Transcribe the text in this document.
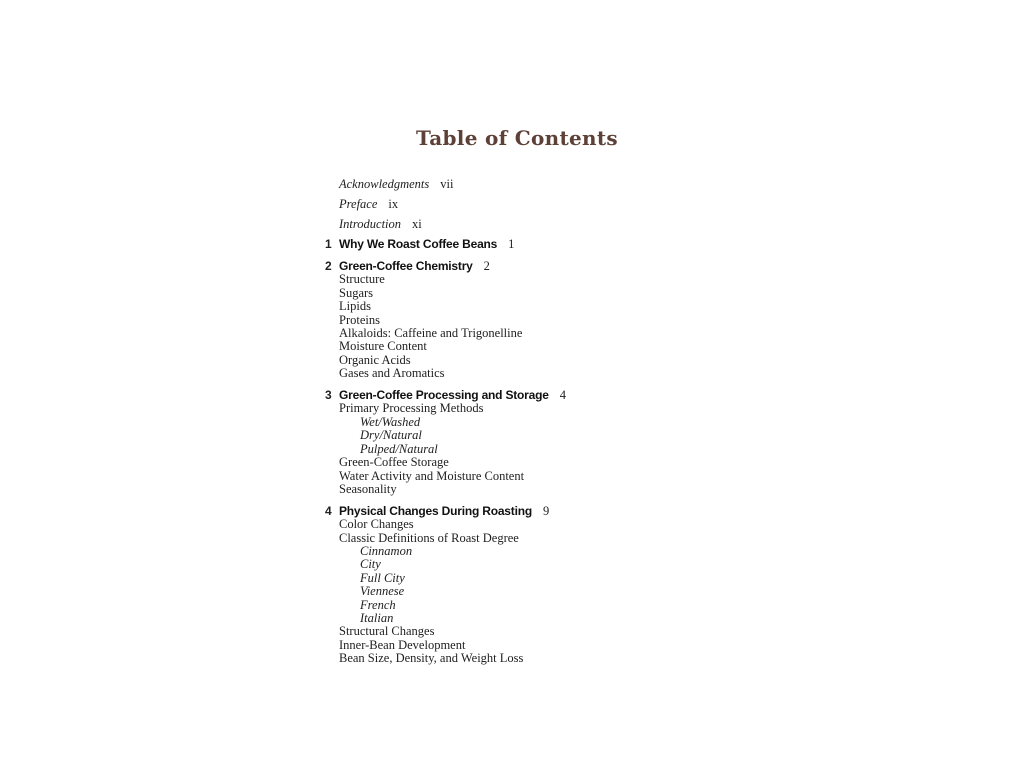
Table of Contents
Acknowledgments vii
Preface ix
Introduction xi
1 Why We Roast Coffee Beans 1
2 Green-Coffee Chemistry 2
Structure
Sugars
Lipids
Proteins
Alkaloids: Caffeine and Trigonelline
Moisture Content
Organic Acids
Gases and Aromatics
3 Green-Coffee Processing and Storage 4
Primary Processing Methods
Wet/Washed
Dry/Natural
Pulped/Natural
Green-Coffee Storage
Water Activity and Moisture Content
Seasonality
4 Physical Changes During Roasting 9
Color Changes
Classic Definitions of Roast Degree
Cinnamon
City
Full City
Viennese
French
Italian
Structural Changes
Inner-Bean Development
Bean Size, Density, and Weight Loss
